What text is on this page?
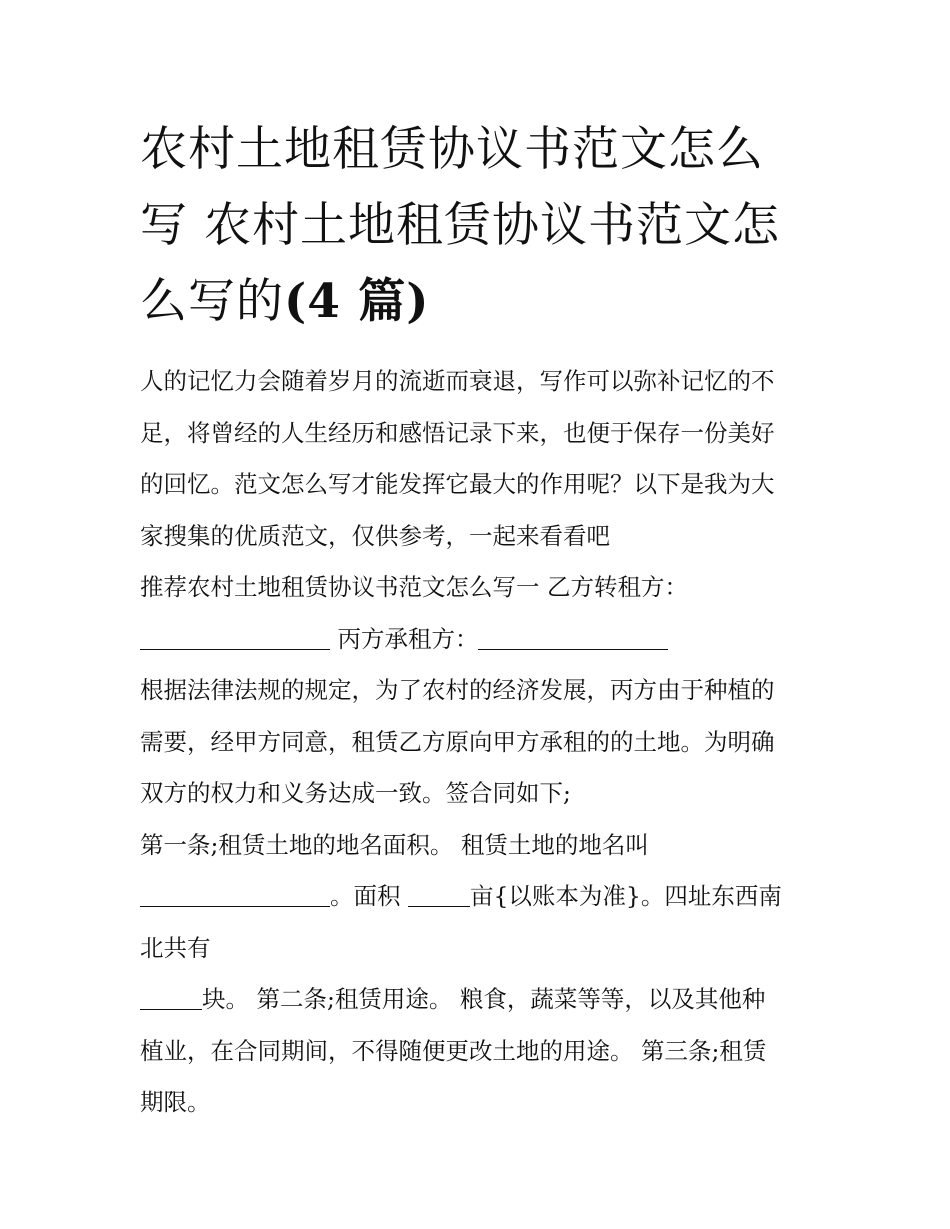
农村土地租赁协议书范文怎么
写 农村土地租赁协议书范文怎
么写的(4 篇)
人的记忆力会随着岁月的流逝而衰退，写作可以弥补记忆的不
足，将曾经的人生经历和感悟记录下来，也便于保存一份美好
的回忆。范文怎么写才能发挥它最大的作用呢？以下是我为大
家搜集的优质范文，仅供参考，一起来看看吧
推荐农村土地租赁协议书范文怎么写一 乙方转租方：
丙方承租方：
根据法律法规的规定，为了农村的经济发展，丙方由于种植的
需要，经甲方同意，租赁乙方原向甲方承租的的土地。为明确
双方的权力和义务达成一致。签合同如下;
第一条;租赁土地的地名面积。 租赁土地的地名叫
。面积	亩{以账本为准}。四址东西南
北共有
块。 第二条;租赁用途。 粮食，蔬菜等等，以及其他种
植业，在合同期间，不得随便更改土地的用途。 第三条;租赁
期限。
